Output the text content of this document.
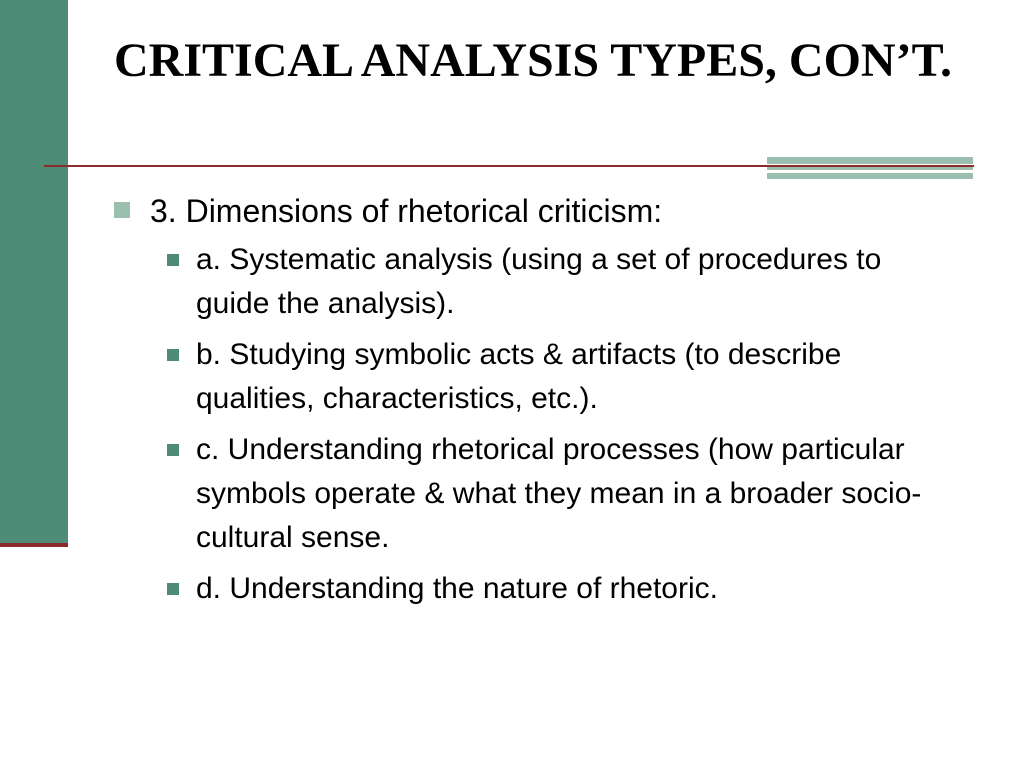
CRITICAL ANALYSIS TYPES, CON’T.
3. Dimensions of rhetorical criticism:
a. Systematic analysis (using a set of procedures to guide the analysis).
b. Studying symbolic acts & artifacts (to describe qualities, characteristics, etc.).
c. Understanding rhetorical processes (how particular symbols operate & what they mean in a broader socio-cultural sense.
d. Understanding the nature of rhetoric.
